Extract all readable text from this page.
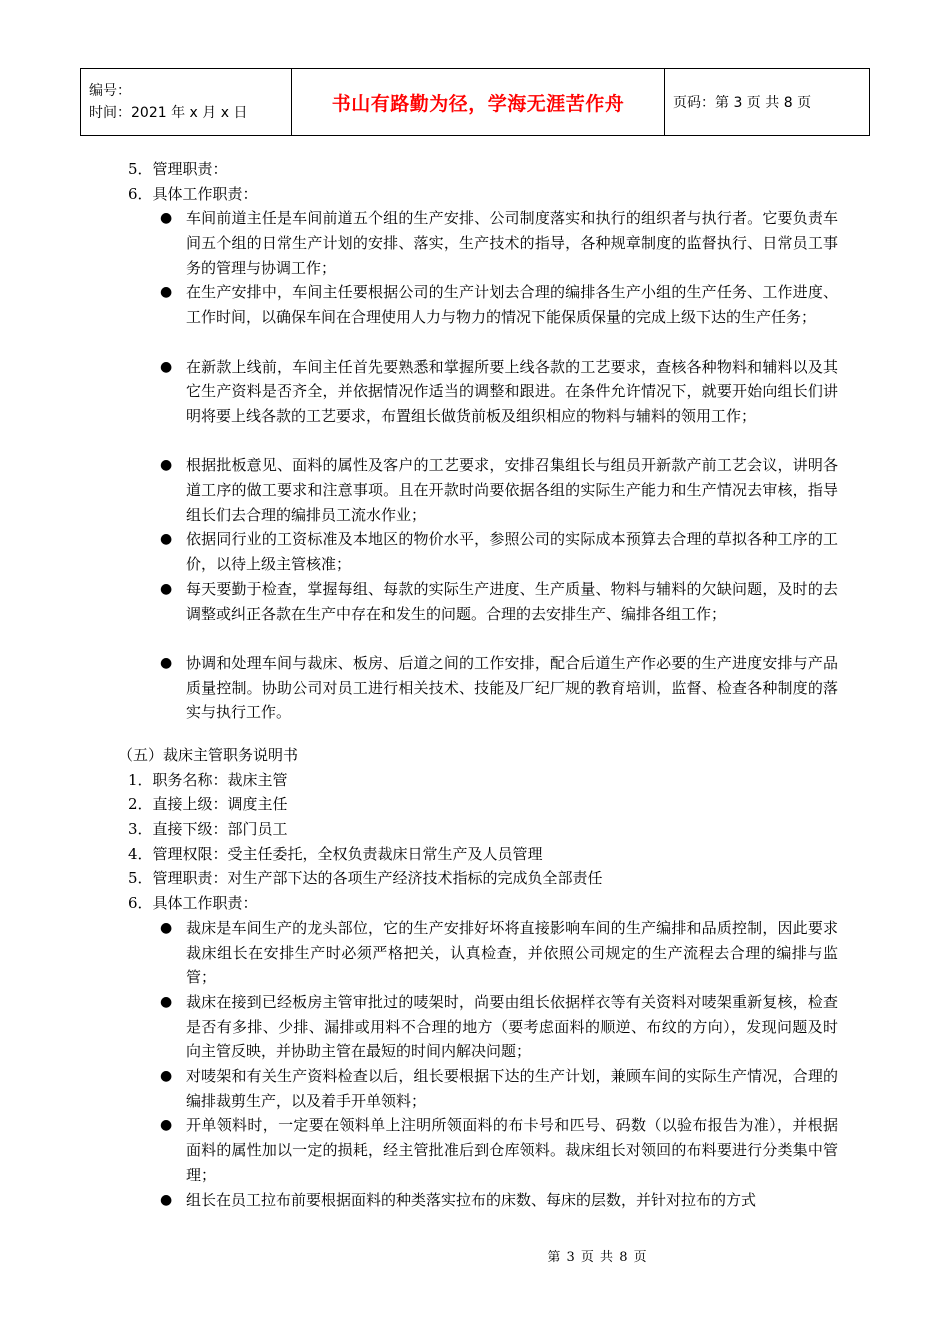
编号：
时间：2021 年 x 月 x 日	书山有路勤为径，学海无涯苦作舟	页码：第 3 页 共 8 页
5．管理职责：
6．具体工作职责：
● 车间前道主任是车间前道五个组的生产安排、公司制度落实和执行的组织者与执行者。它要负责车间五个组的日常生产计划的安排、落实，生产技术的指导，各种规章制度的监督执行、日常员工事务的管理与协调工作；
● 在生产安排中，车间主任要根据公司的生产计划去合理的编排各生产小组的生产任务、工作进度、工作时间，以确保车间在合理使用人力与物力的情况下能保质保量的完成上级下达的生产任务；
● 在新款上线前，车间主任首先要熟悉和掌握所要上线各款的工艺要求，查核各种物料和辅料以及其它生产资料是否齐全，并依据情况作适当的调整和跟进。在条件允许情况下，就要开始向组长们讲明将要上线各款的工艺要求，布置组长做货前板及组织相应的物料与辅料的领用工作；
● 根据批板意见、面料的属性及客户的工艺要求，安排召集组长与组员开新款产前工艺会议，讲明各道工序的做工要求和注意事项。且在开款时尚要依据各组的实际生产能力和生产情况去审核，指导组长们去合理的编排员工流水作业；
● 依据同行业的工资标准及本地区的物价水平，参照公司的实际成本预算去合理的草拟各种工序的工价，以待上级主管核准；
● 每天要勤于检查，掌握每组、每款的实际生产进度、生产质量、物料与辅料的欠缺问题，及时的去调整或纠正各款在生产中存在和发生的问题。合理的去安排生产、编排各组工作；
● 协调和处理车间与裁床、板房、后道之间的工作安排，配合后道生产作必要的生产进度安排与产品质量控制。协助公司对员工进行相关技术、技能及厂纪厂规的教育培训，监督、检查各种制度的落实与执行工作。
（五）裁床主管职务说明书
1．职务名称：裁床主管
2．直接上级：调度主任
3．直接下级：部门员工
4．管理权限：受主任委托，全权负责裁床日常生产及人员管理
5．管理职责：对生产部下达的各项生产经济技术指标的完成负全部责任
6．具体工作职责：
● 裁床是车间生产的龙头部位，它的生产安排好坏将直接影响车间的生产编排和品质控制，因此要求裁床组长在安排生产时必须严格把关，认真检查，并依照公司规定的生产流程去合理的编排与监管；
● 裁床在接到已经板房主管审批过的唛架时，尚要由组长依据样衣等有关资料对唛架重新复核，检查是否有多排、少排、漏排或用料不合理的地方（要考虑面料的顺逆、布纹的方向），发现问题及时向主管反映，并协助主管在最短的时间内解决问题；
● 对唛架和有关生产资料检查以后，组长要根据下达的生产计划，兼顾车间的实际生产情况，合理的编排裁剪生产，以及着手开单领料；
● 开单领料时，一定要在领料单上注明所领面料的布卡号和匹号、码数（以验布报告为准），并根据面料的属性加以一定的损耗，经主管批准后到仓库领料。裁床组长对领回的布料要进行分类集中管理；
● 组长在员工拉布前要根据面料的种类落实拉布的床数、每床的层数，并针对拉布的方式
第 3 页 共 8 页
